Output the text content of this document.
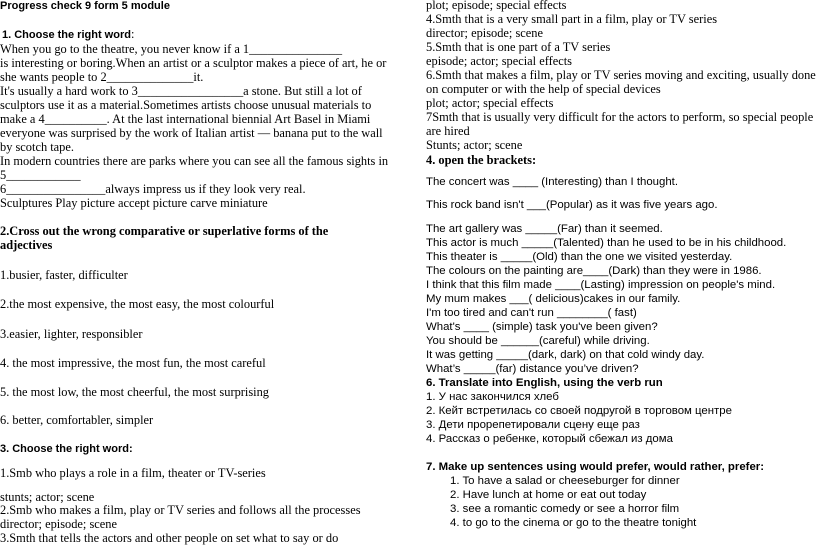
Progress check 9 form 5 module
1. Choose the right word:
When you go to the theatre, you never know if a 1_______________
is interesting or boring.When an artist or a sculptor makes a piece of art, he or
she wants people to 2______________it.
It's usually a hard work to 3_________________a stone. But still a lot of
sculptors use it as a material.Sometimes artists choose unusual materials to
make a 4__________. At the last international biennial Art Basel in Miami
everyone was surprised by the work of Italian artist — banana put to the wall
by scotch tape.
In modern countries there are parks where you can see all the famous sights in
5____________
6________________always impress us if they look very real.
Sculptures Play picture accept picture carve miniature
2.Cross out the wrong comparative or superlative forms of the
adjectives
1.busier, faster, difficulter
2.the most expensive, the most easy, the most colourful
3.easier, lighter, responsibler
4. the most impressive, the most fun, the most careful
5. the most low, the most cheerful, the most surprising
6. better, comfortabler, simpler
3. Choose the right word:
1.Smb who plays a role in a film, theater or TV-series
stunts; actor; scene
2.Smb who makes a film, play or TV series and follows all the processes
director; episode; scene
3.Smth that tells the actors and other people on set what to say or do
plot; episode; special effects
4.Smth that is a very small part in a film, play or TV series
director; episode; scene
5.Smth that is one part of a TV series
episode; actor; special effects
6.Smth that makes a film, play or TV series moving and exciting, usually done
on computer or with the help of special devices
plot; actor; special effects
7Smth that is usually very difficult for the actors to perform, so special people
are hired
Stunts; actor; scene
4. open the brackets:
The concert was ____ (Interesting) than I thought.
This rock band isn't ___(Popular) as it was five years ago.
The art gallery was _____(Far) than it seemed.
This actor is much _____(Talented) than he used to be in his childhood.
This theater is _____(Old) than the one we visited yesterday.
The colours on the painting are____(Dark) than they were in 1986.
I think that this film made ____(Lasting) impression on people's mind.
My mum makes ___( delicious)cakes in our family.
I'm too tired and can't run ________( fast)
What's ____ (simple) task you've been given?
You should be ______(careful) while driving.
It was getting _____(dark, dark) on that cold windy day.
What’s _____(far) distance you’ve driven?
6. Translate into English, using the verb run
1. У нас закончился хлеб
2. Кейт встретилась со своей подругой в торговом центре
3. Дети прорепетировали сцену еще раз
4. Рассказ о ребенке, который сбежал из дома
7. Make up sentences using would prefer, would rather, prefer:
1. To have a salad or cheeseburger for dinner
2. Have lunch at home or eat out today
3. see a romantic comedy or see a horror film
4. to go to the cinema or go to the theatre tonight
